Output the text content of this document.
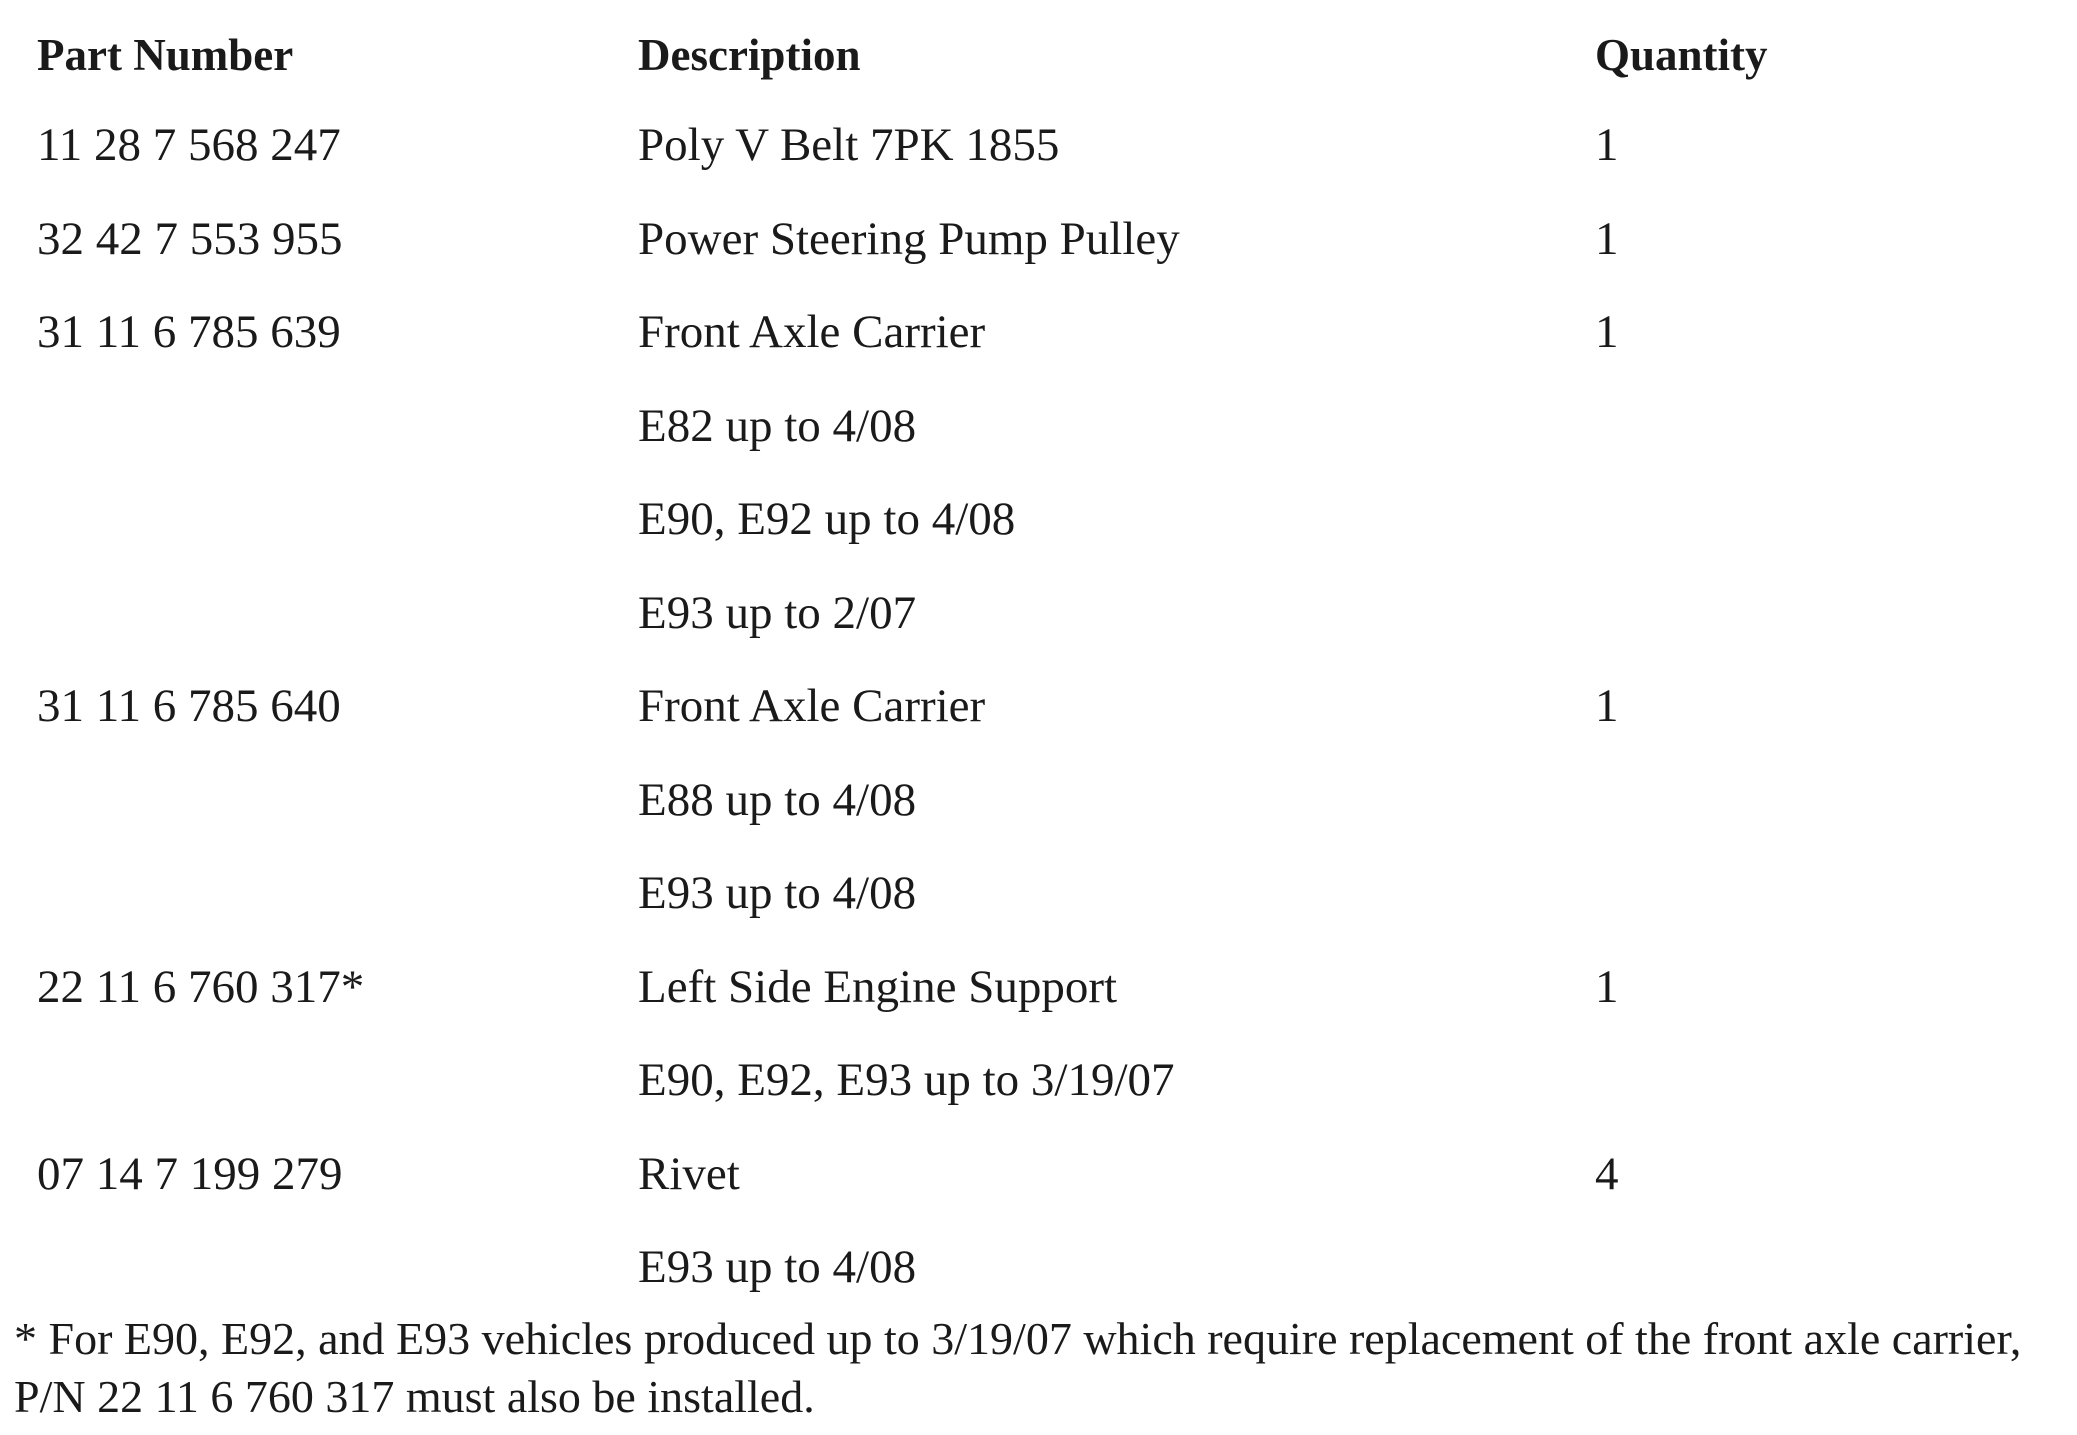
Part Number	Description	Quantity
11 28 7 568 247	Poly V Belt 7PK 1855	1
32 42 7 553 955	Power Steering Pump Pulley	1
31 11 6 785 639	Front Axle Carrier	1
E82 up to 4/08
E90, E92 up to 4/08
E93 up to 2/07
31 11 6 785 640	Front Axle Carrier	1
E88 up to 4/08
E93 up to 4/08
22 11 6 760 317*	Left Side Engine Support	1
E90, E92, E93 up to 3/19/07
07 14 7 199 279	Rivet	4
E93 up to 4/08

* For E90, E92, and E93 vehicles produced up to 3/19/07 which require replacement of the front axle carrier, P/N 22 11 6 760 317 must also be installed.
